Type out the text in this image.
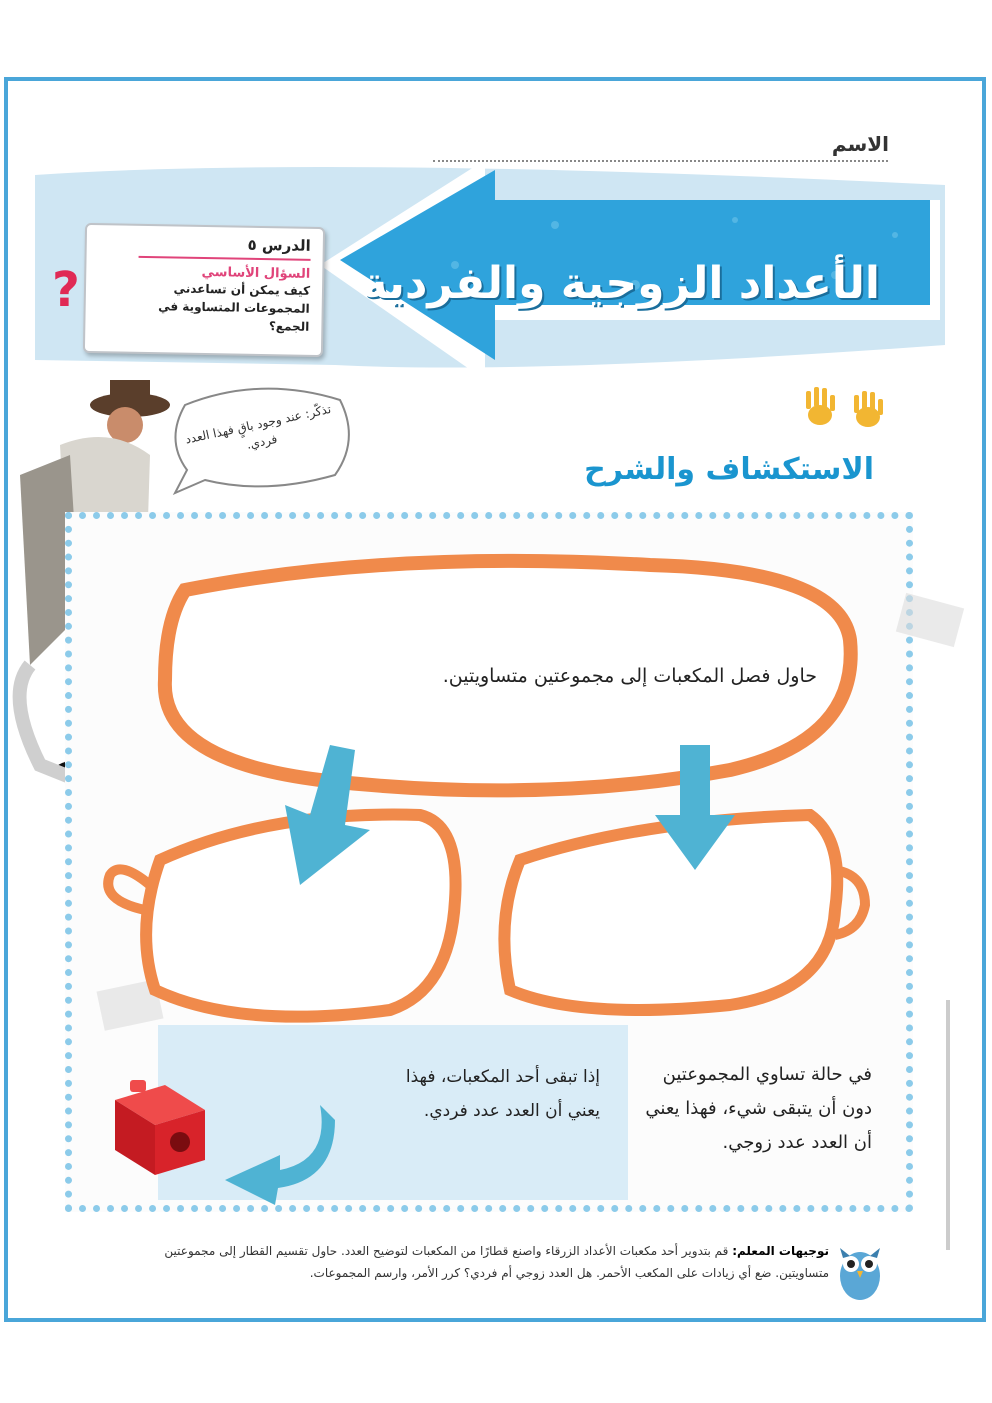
الاسم
الأعداد الزوجية والفردية
الدرس ٥
السؤال الأساسي
كيف يمكن أن تساعدني المجموعات المتساوية في الجمع؟
?
تذكّر: عند وجود باقٍ فهذا العدد فردي.
الاستكشاف والشرح
حاول فصل المكعبات إلى مجموعتين متساويتين.
إذا تبقى أحد المكعبات، فهذا يعني أن العدد عدد فردي.
في حالة تساوي المجموعتين دون أن يتبقى شيء، فهذا يعني أن العدد عدد زوجي.
توجيهات المعلم: قم بتدوير أحد مكعبات الأعداد الزرقاء واصنع قطارًا من المكعبات لتوضيح العدد. حاول تقسيم القطار إلى مجموعتين متساويتين. ضع أي زيادات على المكعب الأحمر. هل العدد زوجي أم فردي؟ كرر الأمر، وارسم المجموعات.
